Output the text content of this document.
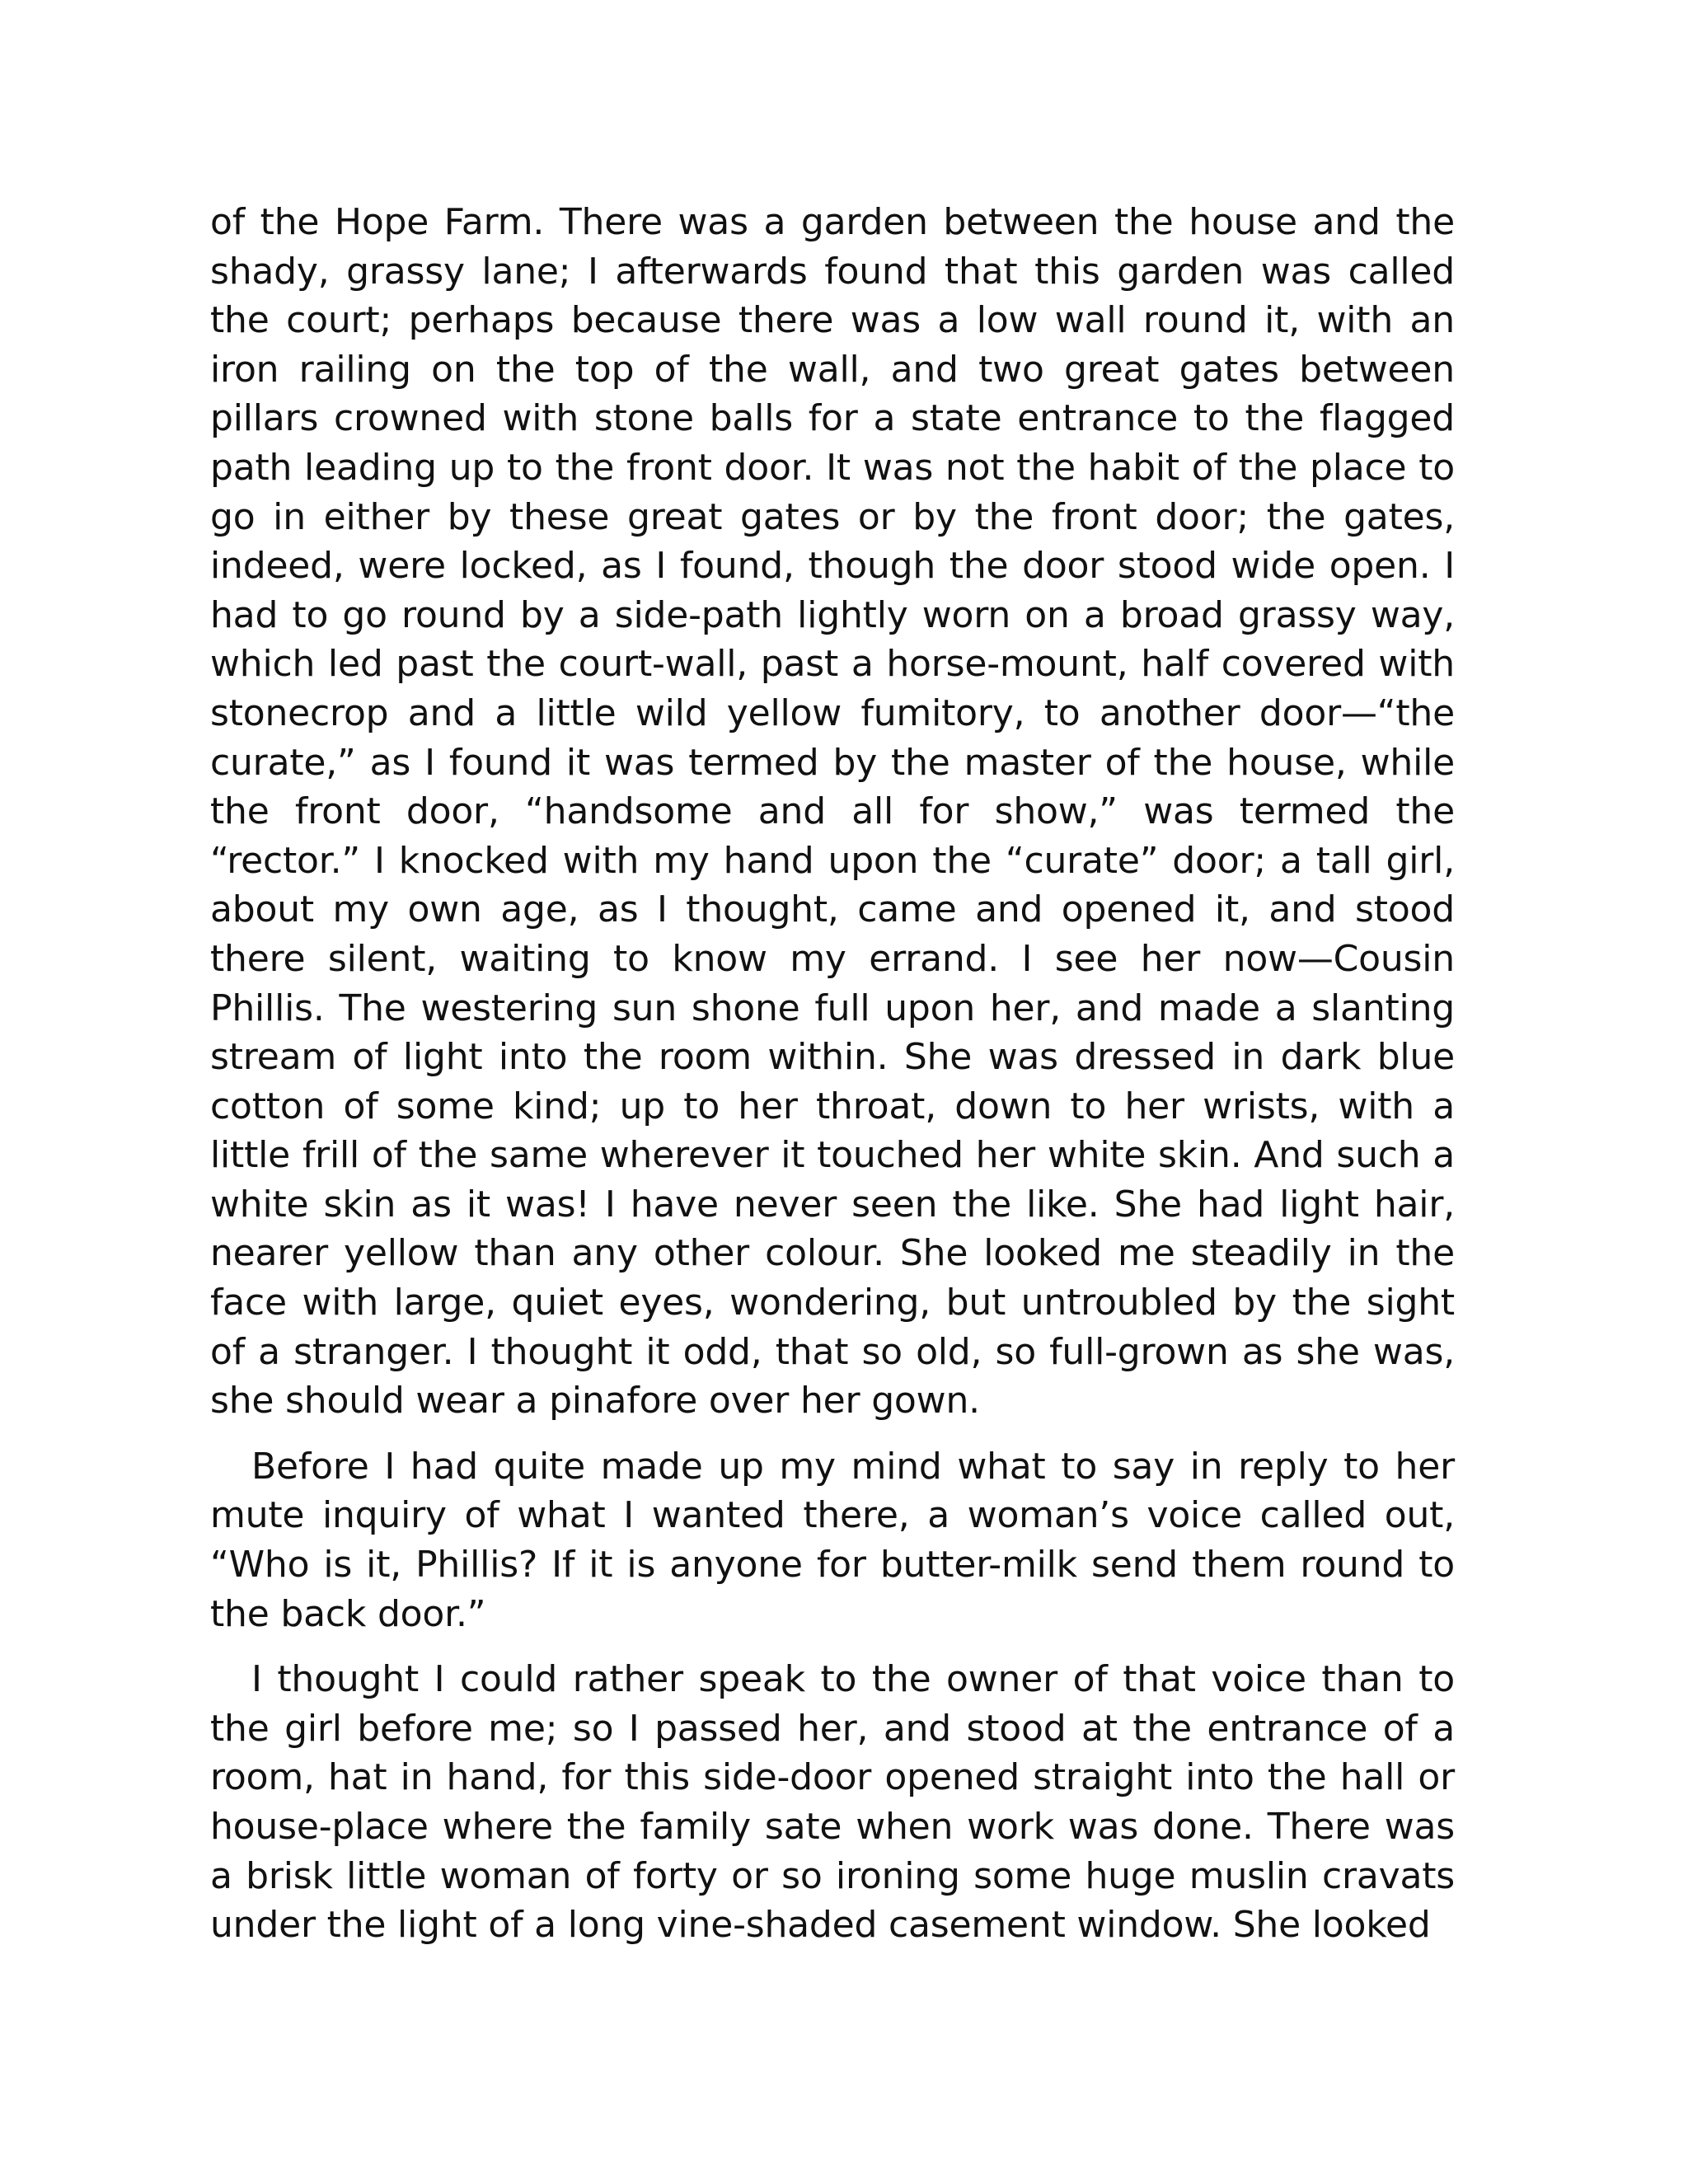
of the Hope Farm. There was a garden between the house and the shady, grassy lane; I afterwards found that this garden was called the court; perhaps because there was a low wall round it, with an iron railing on the top of the wall, and two great gates between pillars crowned with stone balls for a state entrance to the flagged path leading up to the front door. It was not the habit of the place to go in either by these great gates or by the front door; the gates, indeed, were locked, as I found, though the door stood wide open. I had to go round by a side-path lightly worn on a broad grassy way, which led past the court-wall, past a horse-mount, half covered with stonecrop and a little wild yellow fumitory, to another door—“the curate,” as I found it was termed by the master of the house, while the front door, “handsome and all for show,” was termed the “rector.” I knocked with my hand upon the “curate” door; a tall girl, about my own age, as I thought, came and opened it, and stood there silent, waiting to know my errand. I see her now—Cousin Phillis. The westering sun shone full upon her, and made a slanting stream of light into the room within. She was dressed in dark blue cotton of some kind; up to her throat, down to her wrists, with a little frill of the same wherever it touched her white skin. And such a white skin as it was! I have never seen the like. She had light hair, nearer yellow than any other colour. She looked me steadily in the face with large, quiet eyes, wondering, but untroubled by the sight of a stranger. I thought it odd, that so old, so full-grown as she was, she should wear a pinafore over her gown.

Before I had quite made up my mind what to say in reply to her mute inquiry of what I wanted there, a woman’s voice called out, “Who is it, Phillis? If it is anyone for butter-milk send them round to the back door.”

I thought I could rather speak to the owner of that voice than to the girl before me; so I passed her, and stood at the entrance of a room, hat in hand, for this side-door opened straight into the hall or house-place where the family sate when work was done. There was a brisk little woman of forty or so ironing some huge muslin cravats under the light of a long vine-shaded casement window. She looked
